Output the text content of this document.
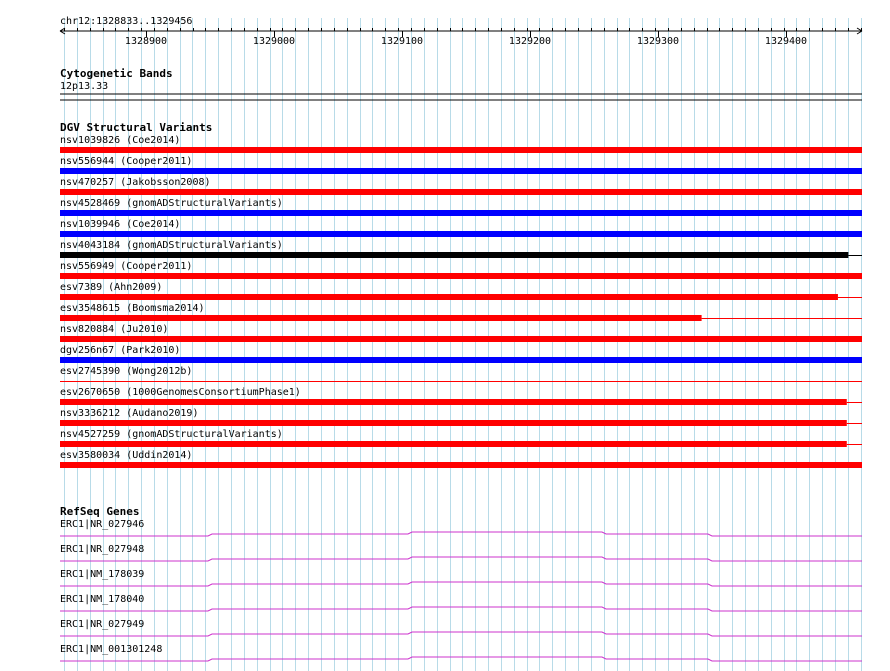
chr12:1328833..1329456
1328900	1329000	1329100	1329200	1329300	1329400
Cytogenetic Bands
12p13.33
DGV Structural Variants
nsv1039826 (Coe2014)
nsv556944 (Cooper2011)
nsv470257 (Jakobsson2008)
nsv4528469 (gnomADStructuralVariants)
nsv1039946 (Coe2014)
nsv4043184 (gnomADStructuralVariants)
nsv556949 (Cooper2011)
esv7389 (Ahn2009)
esv3548615 (Boomsma2014)
nsv820884 (Ju2010)
dgv256n67 (Park2010)
esv2745390 (Wong2012b)
esv2670650 (1000GenomesConsortiumPhase1)
nsv3336212 (Audano2019)
nsv4527259 (gnomADStructuralVariants)
esv3580034 (Uddin2014)
RefSeq Genes
ERC1|NR_027946
ERC1|NR_027948
ERC1|NM_178039
ERC1|NM_178040
ERC1|NR_027949
ERC1|NM_001301248
